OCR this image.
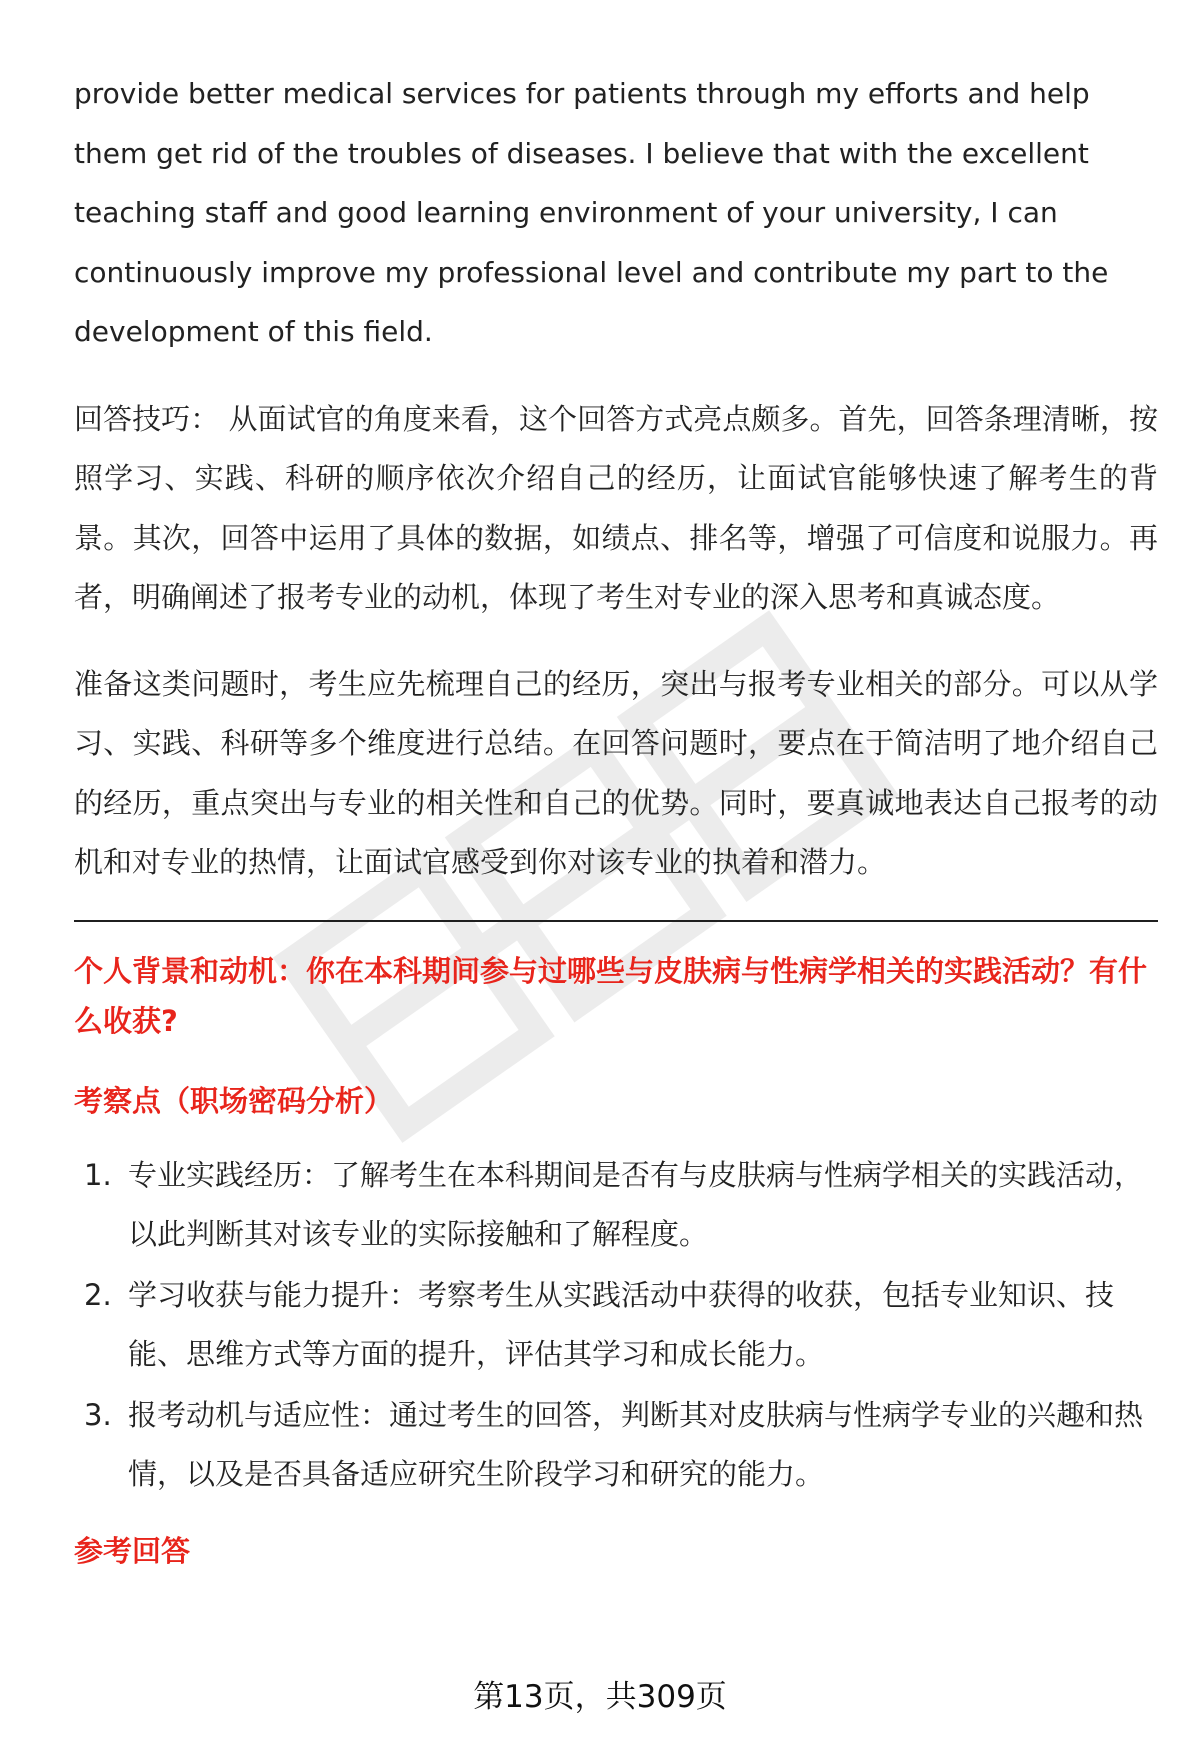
provide better medical services for patients through my efforts and help them get rid of the troubles of diseases. I believe that with the excellent teaching staff and good learning environment of your university, I can continuously improve my professional level and contribute my part to the development of this field.

回答技巧： 从面试官的角度来看，这个回答方式亮点颇多。首先，回答条理清晰，按照学习、实践、科研的顺序依次介绍自己的经历，让面试官能够快速了解考生的背景。其次，回答中运用了具体的数据，如绩点、排名等，增强了可信度和说服力。再者，明确阐述了报考专业的动机，体现了考生对专业的深入思考和真诚态度。

准备这类问题时，考生应先梳理自己的经历，突出与报考专业相关的部分。可以从学习、实践、科研等多个维度进行总结。在回答问题时，要点在于简洁明了地介绍自己的经历，重点突出与专业的相关性和自己的优势。同时，要真诚地表达自己报考的动机和对专业的热情，让面试官感受到你对该专业的执着和潜力。

个人背景和动机：你在本科期间参与过哪些与皮肤病与性病学相关的实践活动？有什么收获?

考察点（职场密码分析）

1. 专业实践经历：了解考生在本科期间是否有与皮肤病与性病学相关的实践活动，以此判断其对该专业的实际接触和了解程度。
2. 学习收获与能力提升：考察考生从实践活动中获得的收获，包括专业知识、技能、思维方式等方面的提升，评估其学习和成长能力。
3. 报考动机与适应性：通过考生的回答，判断其对皮肤病与性病学专业的兴趣和热情，以及是否具备适应研究生阶段学习和研究的能力。

参考回答

第13页，共309页
